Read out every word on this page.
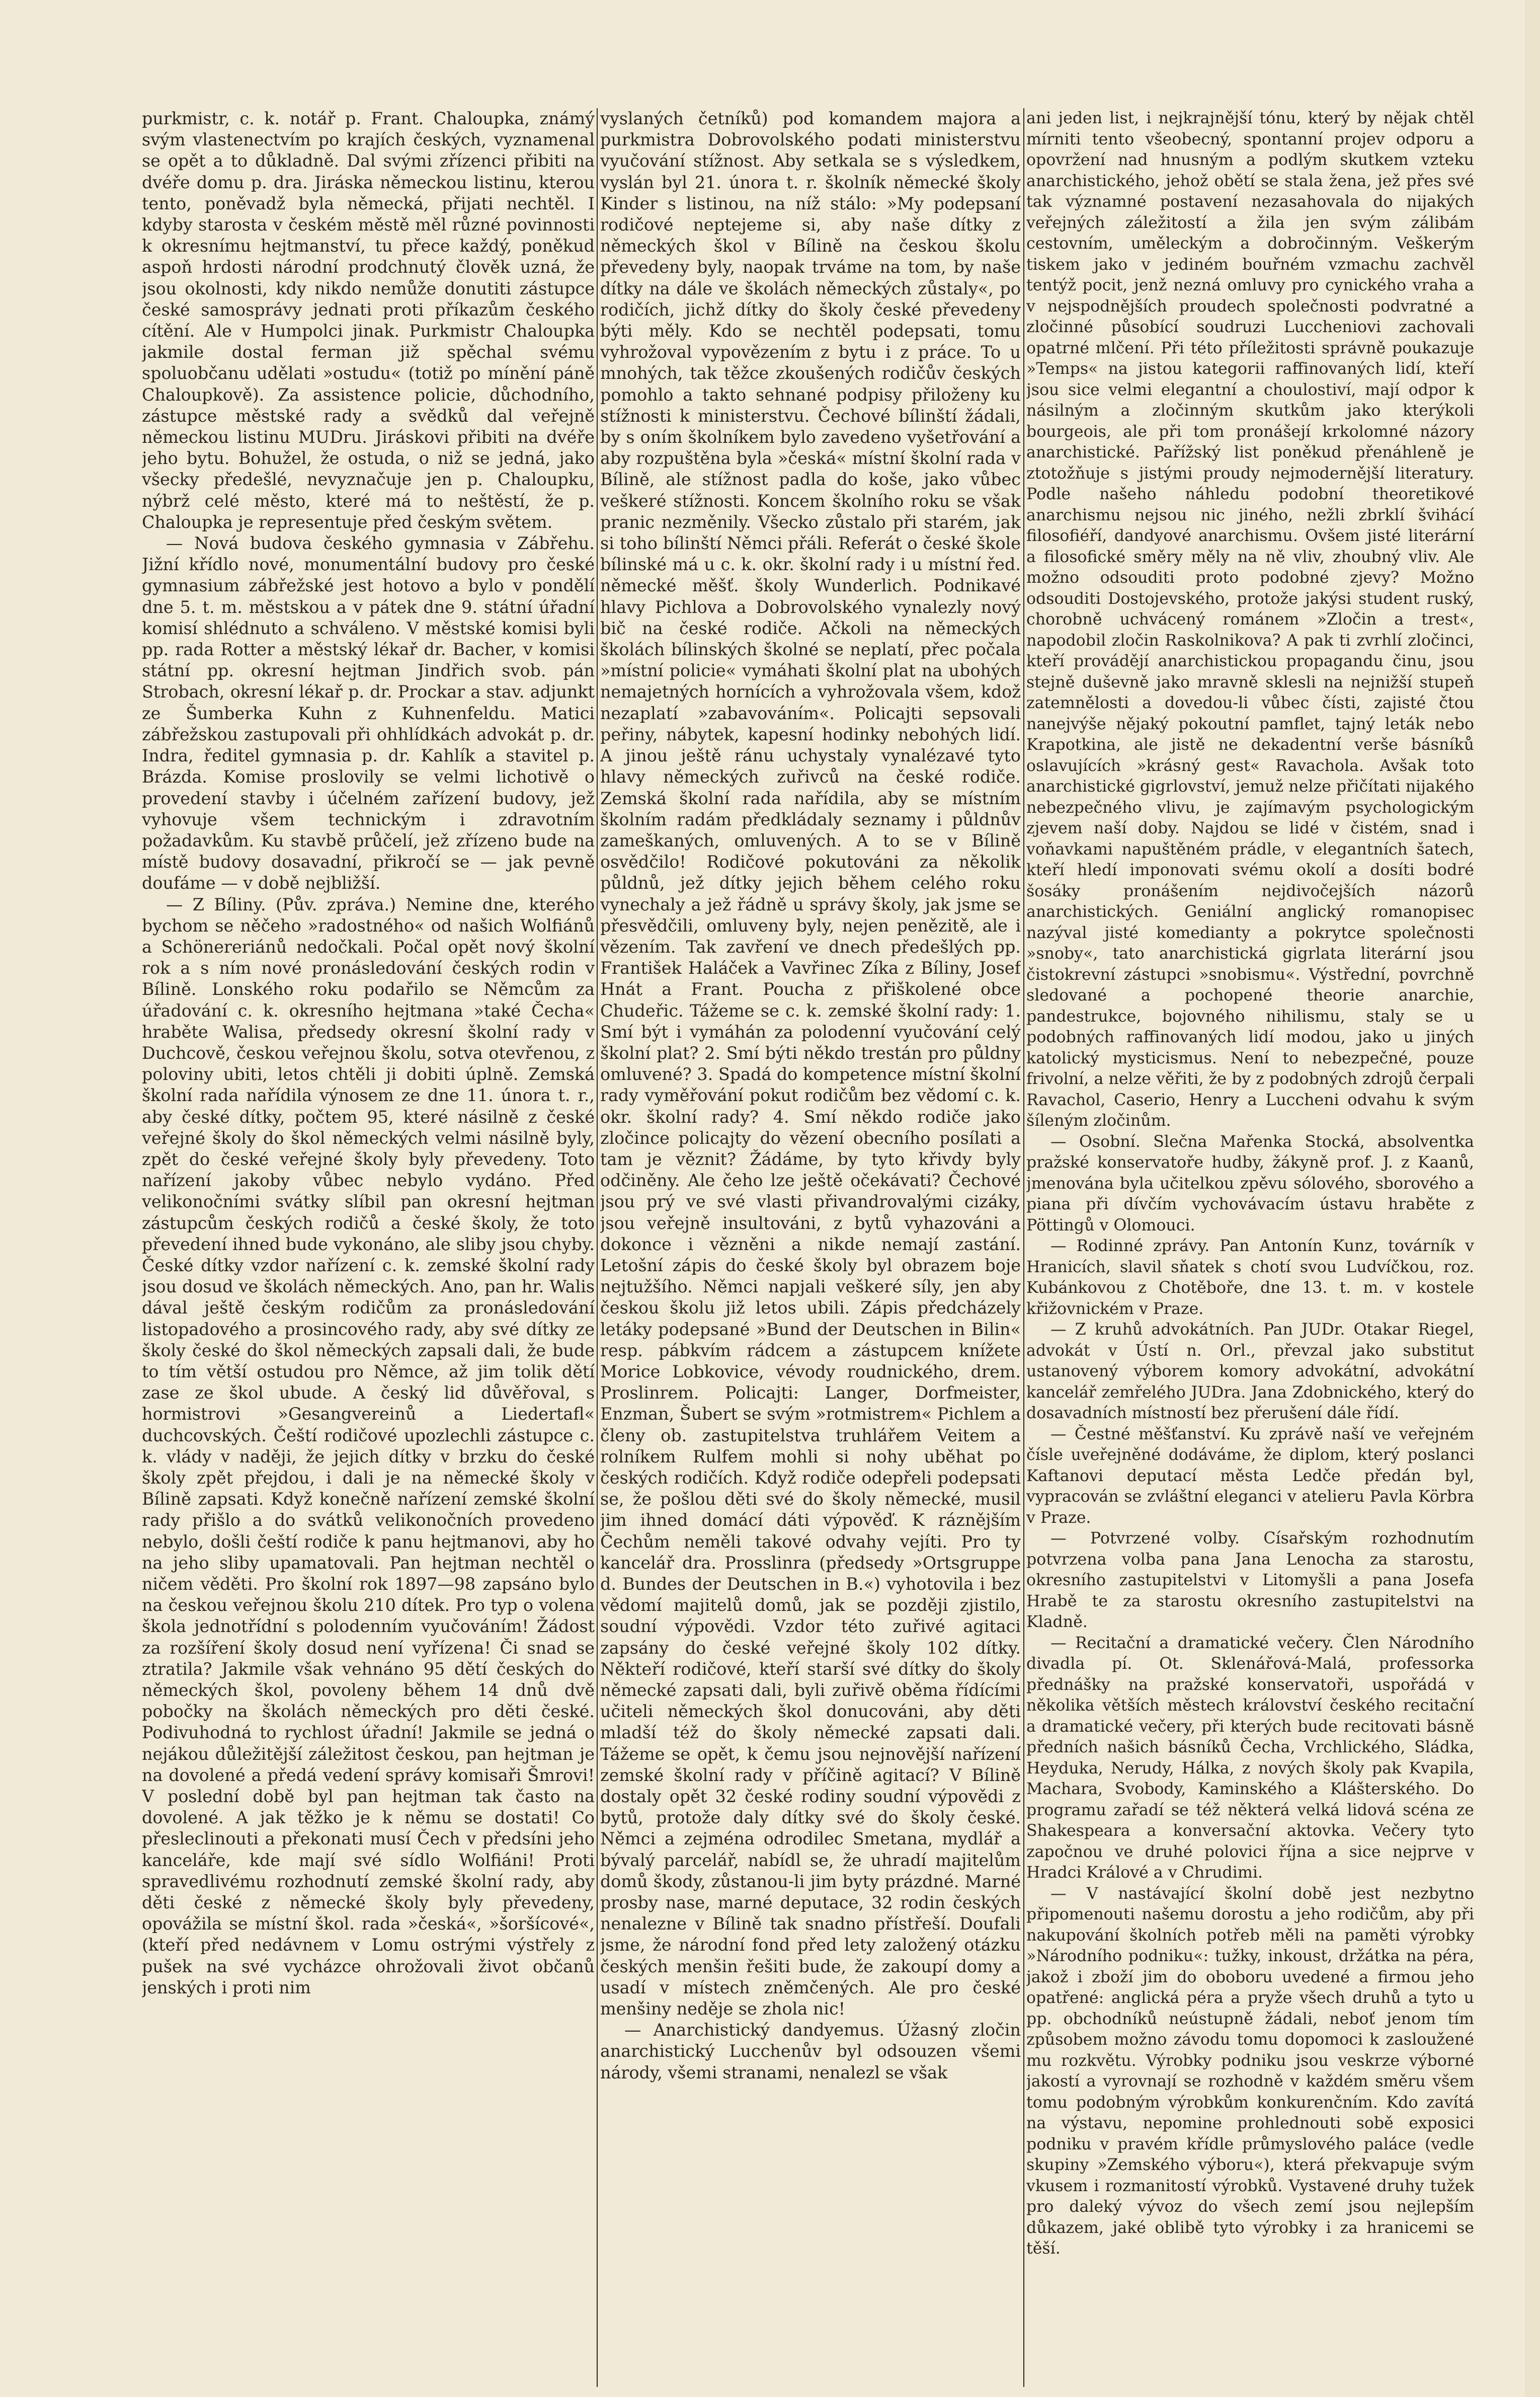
purkmistr, c. k. notář p. Frant. Chaloupka, známý svým vlastenectvím po krajích českých, vyznamenal se opět a to důkladně. Dal svými zřízenci přibiti na dvéře domu p. dra. Jiráska německou listinu, kterou tento, poněvadž byla německá, přijati nechtěl. I kdyby starosta v českém městě měl různé povinnosti k okresnímu hejtmanství, tu přece každý, poněkud aspoň hrdosti národní prodchnutý člověk uzná, že jsou okolnosti, kdy nikdo nemůže donutiti zástupce české samosprávy jednati proti příkazům českého cítění. Ale v Humpolci jinak. Purkmistr Chaloupka jakmile dostal ferman již spěchal svému spoluobčanu udělati »ostudu« (totiž po mínění páně Chaloupkově). Za assistence policie, důchodního, zástupce městské rady a svědků dal veřejně německou listinu MUDru. Jiráskovi přibiti na dvéře jeho bytu. Bohužel, že ostuda, o niž se jedná, jako všecky předešlé, nevyznačuje jen p. Chaloupku, nýbrž celé město, které má to neštěstí, že p. Chaloupka je representuje před českým světem.

— Nová budova českého gymnasia v Zábřehu. Jižní křídlo nové, monumentální budovy pro české gymnasium zábřežské jest hotovo a bylo v pondělí dne 5. t. m. městskou a v pátek dne 9. státní úřadní komisí shlédnuto a schváleno. V městské komisi byli pp. rada Rotter a městský lékař dr. Bacher, v komisi státní pp. okresní hejtman Jindřich svob. pán Strobach, okresní lékař p. dr. Prockar a stav. adjunkt ze Šumberka Kuhn z Kuhnenfeldu. Matici zábřežskou zastupovali při ohhlídkách advokát p. dr. Indra, ředitel gymnasia p. dr. Kahlík a stavitel p. Brázda. Komise proslovily se velmi lichotivě o provedení stavby i účelném zařízení budovy, jež vyhovuje všem technickým i zdravotním požadavkům. Ku stavbě průčelí, jež zřízeno bude na místě budovy dosavadní, přikročí se — jak pevně doufáme — v době nejbližší.

— Z Bíliny. (Pův. zpráva.) Nemine dne, kterého bychom se něčeho »radostného« od našich Wolfiánů a Schönereriánů nedočkali. Počal opět nový školní rok a s ním nové pronásledování českých rodin v Bílině. Lonského roku podařilo se Němcům za úřadování c. k. okresního hejtmana »také Čecha« hraběte Walisa, předsedy okresní školní rady v Duchcově, českou veřejnou školu, sotva otevřenou, z poloviny ubiti, letos chtěli ji dobiti úplně. Zemská školní rada nařídila výnosem ze dne 11. února t. r., aby české dítky, počtem 95, které násilně z české veřejné školy do škol německých velmi násilně byly, zpět do české veřejné školy byly převedeny. Toto nařízení jakoby vůbec nebylo vydáno. Před velikonočními svátky slíbil pan okresní hejtman zástupcům českých rodičů a české školy, že toto převedení ihned bude vykonáno, ale sliby jsou chyby. České dítky vzdor nařízení c. k. zemské školní rady jsou dosud ve školách německých. Ano, pan hr. Walis dával ještě českým rodičům za pronásledování listopadového a prosincového rady, aby své dítky ze školy české do škol německých zapsali dali, že bude to tím větší ostudou pro Němce, až jim tolik dětí zase ze škol ubude. A český lid důvěřoval, s hormistrovi »Gesangvereinů a Liedertafl« duchcovských. Čeští rodičové upozlechli zástupce c. k. vlády v naději, že jejich dítky v brzku do české školy zpět přejdou, i dali je na německé školy v Bílině zapsati. Když konečně nařízení zemské školní rady přišlo a do svátků velikonočních provedeno nebylo, došli čeští rodiče k panu hejtmanovi, aby ho na jeho sliby upamatovali. Pan hejtman nechtěl o ničem věděti. Pro školní rok 1897—98 zapsáno bylo na českou veřejnou školu 210 dítek. Pro typ o volena škola jednotřídní s polodenním vyučováním! Žádost za rozšíření školy dosud není vyřízena! Či snad se ztratila? Jakmile však vehnáno 95 dětí českých do německých škol, povoleny během 14 dnů dvě pobočky na školách německých pro děti české. Podivuhodná to rychlost úřadní! Jakmile se jedná o nejákou důležitější záležitost českou, pan hejtman je na dovolené a předá vedení správy komisaři Šmrovi! V poslední době byl pan hejtman tak často na dovolené. A jak těžko je k němu se dostati! Co přesleclinouti a překonati musí Čech v předsíni jeho kanceláře, kde mají své sídlo Wolfiáni! Proti spravedlivému rozhodnutí zemské školní rady, aby děti české z německé školy byly převedeny, opovážila se místní škol. rada »česká«, »šoršícové«, (kteří před nedávnem v Lomu ostrými výstřely z pušek na své vycházce ohrožovali život občanů jenských i proti nim

vyslaných četníků) pod komandem majora a purkmistra Dobrovolského podati ministerstvu vyučování stížnost. Aby setkala se s výsledkem, vyslán byl 21. února t. r. školník německé školy Kinder s listinou, na níž stálo: »My podepsaní rodičové neptejeme si, aby naše dítky z německých škol v Bílině na českou školu převedeny byly, naopak trváme na tom, by naše dítky na dále ve školách německých zůstaly«, po rodičích, jichž dítky do školy české převedeny býti měly. Kdo se nechtěl podepsati, tomu vyhrožoval vypovězením z bytu i z práce. To u mnohých, tak těžce zkoušených rodičův českých pomohlo a takto sehnané podpisy přiloženy ku stížnosti k ministerstvu. Čechové bílinští žádali, by s oním školníkem bylo zavedeno vyšetřování a aby rozpuštěna byla »česká« místní školní rada v Bílině, ale stížnost padla do koše, jako vůbec veškeré stížnosti. Koncem školního roku se však pranic nezměnily. Všecko zůstalo při starém, jak si toho bílinští Němci přáli. Referát o české škole bílinské má u c. k. okr. školní rady i u místní řed. německé měšť. školy Wunderlich. Podnikavé hlavy Pichlova a Dobrovolského vynalezly nový bič na české rodiče. Ačkoli na německých školách bílinských školné se neplatí, přec počala »místní policie« vymáhati školní plat na ubohých nemajetných hornících a vyhrožovala všem, kdož nezaplatí »zabavováním«. Policajti sepsovali peřiny, nábytek, kapesní hodinky nebohých lidí. A jinou ještě ránu uchystaly vynalézavé tyto hlavy německých zuřivců na české rodiče. Zemská školní rada nařídila, aby se místním školním radám předkládaly seznamy i půldnův zameškaných, omluvených. A to se v Bílině osvědčilo! Rodičové pokutováni za několik půldnů, jež dítky jejich během celého roku vynechaly a jež řádně u správy školy, jak jsme se přesvědčili, omluveny byly, nejen penězitě, ale i vězením. Tak zavření ve dnech předešlých pp. František Haláček a Vavřinec Zíka z Bíliny, Josef Hnát a Frant. Poucha z přiškolené obce Chudeřic. Tážeme se c. k. zemské školní rady: 1. Smí být i vymáhán za polodenní vyučování celý školní plat? 2. Smí býti někdo trestán pro půldny omluvené? 3. Spadá do kompetence místní školní rady vyměřování pokut rodičům bez vědomí c. k. okr. školní rady? 4. Smí někdo rodiče jako zločince policajty do vězení obecního posílati a tam je věznit? Žádáme, by tyto křivdy byly odčiněny. Ale čeho lze ještě očekávati? Čechové jsou prý ve své vlasti přivandrovalými cizáky, jsou veřejně insultováni, z bytů vyhazováni a dokonce i vězněni a nikde nemají zastání. Letošní zápis do české školy byl obrazem boje nejtužšího. Němci napjali veškeré síly, jen aby českou školu již letos ubili. Zápis předcházely letáky podepsané »Bund der Deutschen in Bilin« resp. pábkvím rádcem a zástupcem knížete Morice Lobkovice, vévody roudnického, drem. Proslinrem. Policajti: Langer, Dorfmeister, Enzman, Šubert se svým »rotmistrem« Pichlem a členy ob. zastupitelstva truhlářem Veitem a rolníkem Rulfem mohli si nohy uběhat po českých rodičích. Když rodiče odepřeli podepsati se, že pošlou děti své do školy německé, musil jim ihned domácí dáti výpověď. K ráznějším Čechům neměli takové odvahy vejíti. Pro ty kancelář dra. Prosslinra (předsedy »Ortsgruppe d. Bundes der Deutschen in B.«) vyhotovila i bez vědomí majitelů domů, jak se později zjistilo, soudní výpovědi. Vzdor této zuřivé agitaci zapsány do české veřejné školy 102 dítky. Někteří rodičové, kteří starší své dítky do školy německé zapsati dali, byli zuřivě oběma řídícími učiteli německých škol donucováni, aby děti mladší též do školy německé zapsati dali. Tážeme se opět, k čemu jsou nejnovější nařízení zemské školní rady v příčině agitací? V Bílině dostaly opět 32 české rodiny soudní výpovědi z bytů, protože daly dítky své do školy české. Němci a zejména odrodilec Smetana, mydlář a bývalý parcelář, nabídl se, že uhradí majitelům domů škody, zůstanou-li jim byty prázdné. Marné prosby nase, marné deputace, 32 rodin českých nenalezne v Bílině tak snadno přístřeší. Doufali jsme, že národní fond před lety založený otázku českých menšin řešiti bude, že zakoupí domy a usadí v místech zněmčených. Ale pro české menšiny neděje se zhola nic!

— Anarchistický dandyemus. Úžasný zločin anarchistický Lucchenův byl odsouzen všemi národy, všemi stranami, nenalezl se však

ani jeden list, i nejkrajnější tónu, který by nějak chtěl mírniti tento všeobecný, spontanní projev odporu a opovržení nad hnusným a podlým skutkem vzteku anarchistického, jehož obětí se stala žena, jež přes své tak významné postavení nezasahovala do nijakých veřejných záležitostí a žila jen svým zálibám cestovním, uměleckým a dobročinným. Veškerým tiskem jako v jediném bouřném vzmachu zachvěl tentýž pocit, jenž nezná omluvy pro cynického vraha a v nejspodnějších proudech společnosti podvratné a zločinné působící soudruzi Luccheniovi zachovali opatrné mlčení. Při této příležitosti správně poukazuje »Temps« na jistou kategorii raffinovaných lidí, kteří jsou sice velmi elegantní a choulostiví, mají odpor k násilným a zločinným skutkům jako kterýkoli bourgeois, ale při tom pronášejí krkolomné názory anarchistické. Pařížský list poněkud přenáhleně je ztotožňuje s jistými proudy nejmodernější literatury. Podle našeho náhledu podobní theoretikové anarchismu nejsou nic jiného, nežli zbrklí švihácí filosofiéří, dandyové anarchismu. Ovšem jisté literární a filosofické směry měly na ně vliv, zhoubný vliv. Ale možno odsouditi proto podobné zjevy? Možno odsouditi Dostojevského, protože jakýsi student ruský, chorobně uchvácený románem »Zločin a trest«, napodobil zločin Raskolnikova? A pak ti zvrhlí zločinci, kteří provádějí anarchistickou propagandu činu, jsou stejně duševně jako mravně sklesli na nejnižší stupeň zatemnělosti a dovedou-li vůbec čísti, zajisté čtou nanejvýše nějaký pokoutní pamflet, tajný leták nebo Krapotkina, ale jistě ne dekadentní verše básníků oslavujících »krásný gest« Ravachola. Avšak toto anarchistické gigrlovství, jemuž nelze přičítati nijakého nebezpečného vlivu, je zajímavým psychologickým zjevem naší doby. Najdou se lidé v čistém, snad i voňavkami napuštěném prádle, v elegantních šatech, kteří hledí imponovati svému okolí a dosíti bodré šosáky pronášením nejdivočejších názorů anarchistických. Geniální anglický romanopisec nazýval jisté komedianty a pokrytce společnosti »snoby«, tato anarchistická gigrlata literární jsou čistokrevní zástupci »snobismu«. Výstřední, povrchně sledované a pochopené theorie anarchie, pandestrukce, bojovného nihilismu, staly se u podobných raffinovaných lidí modou, jako u jiných katolický mysticismus. Není to nebezpečné, pouze frivolní, a nelze věřiti, že by z podobných zdrojů čerpali Ravachol, Caserio, Henry a Luccheni odvahu k svým šíleným zločinům.

— Osobní. Slečna Mařenka Stocká, absolventka pražské konservatoře hudby, žákyně prof. J. z Kaanů, jmenována byla učitelkou zpěvu sólového, sborového a piana při dívčím vychovávacím ústavu hraběte z Pöttingů v Olomouci.

— Rodinné zprávy. Pan Antonín Kunz, továrník v Hranicích, slavil sňatek s chotí svou Ludvíčkou, roz. Kubánkovou z Chotěboře, dne 13. t. m. v kostele křižovnickém v Praze.

— Z kruhů advokátních. Pan JUDr. Otakar Riegel, advokát v Ústí n. Orl., převzal jako substitut ustanovený výborem komory advokátní, advokátní kancelář zemřelého JUDra. Jana Zdobnického, který do dosavadních místností bez přerušení dále řídí.

— Čestné měšťanství. Ku zprávě naší ve veřejném čísle uveřejněné dodáváme, že diplom, který poslanci Kaftanovi deputací města Ledče předán byl, vypracován se zvláštní eleganci v atelieru Pavla Körbra v Praze.

— Potvrzené volby. Císařským rozhodnutím potvrzena volba pana Jana Lenocha za starostu, okresního zastupitelstvi v Litomyšli a pana Josefa Hrabě te za starostu okresního zastupitelstvi na Kladně.

— Recitační a dramatické večery. Člen Národního divadla pí. Ot. Sklenářová-Malá, professorka přednášky na pražské konservatoři, uspořádá v několika větších městech království českého recitační a dramatické večery, při kterých bude recitovati básně předních našich básníků Čecha, Vrchlického, Sládka, Heyduka, Nerudy, Hálka, z nových školy pak Kvapila, Machara, Svobody, Kaminského a Klášterského. Do programu zařadí se též některá velká lidová scéna ze Shakespeara a konversační aktovka. Večery tyto započnou ve druhé polovici října a sice nejprve v Hradci Králové a v Chrudimi.

— V nastávající školní době jest nezbytno připomenouti našemu dorostu a jeho rodičům, aby při nakupování školních potřeb měli na paměti výrobky »Národního podniku«: tužky, inkoust, držátka na péra, jakož i zboží jim do oboboru uvedené a firmou jeho opatřené: anglická péra a pryže všech druhů a tyto u pp. obchodníků neústupně žádali, neboť jenom tím způsobem možno závodu tomu dopomoci k zasloužené mu rozkvětu. Výrobky podniku jsou veskrze výborné jakostí a vyrovnají se rozhodně v každém směru všem tomu podobným výrobkům konkurenčním. Kdo zavítá na výstavu, nepomine prohlednouti sobě exposici podniku v pravém křídle průmyslového paláce (vedle skupiny »Zemského výboru«), která překvapuje svým vkusem i rozmanitostí výrobků. Vystavené druhy tužek pro daleký vývoz do všech zemí jsou nejlepším důkazem, jaké oblibě tyto výrobky i za hranicemi se těší.
